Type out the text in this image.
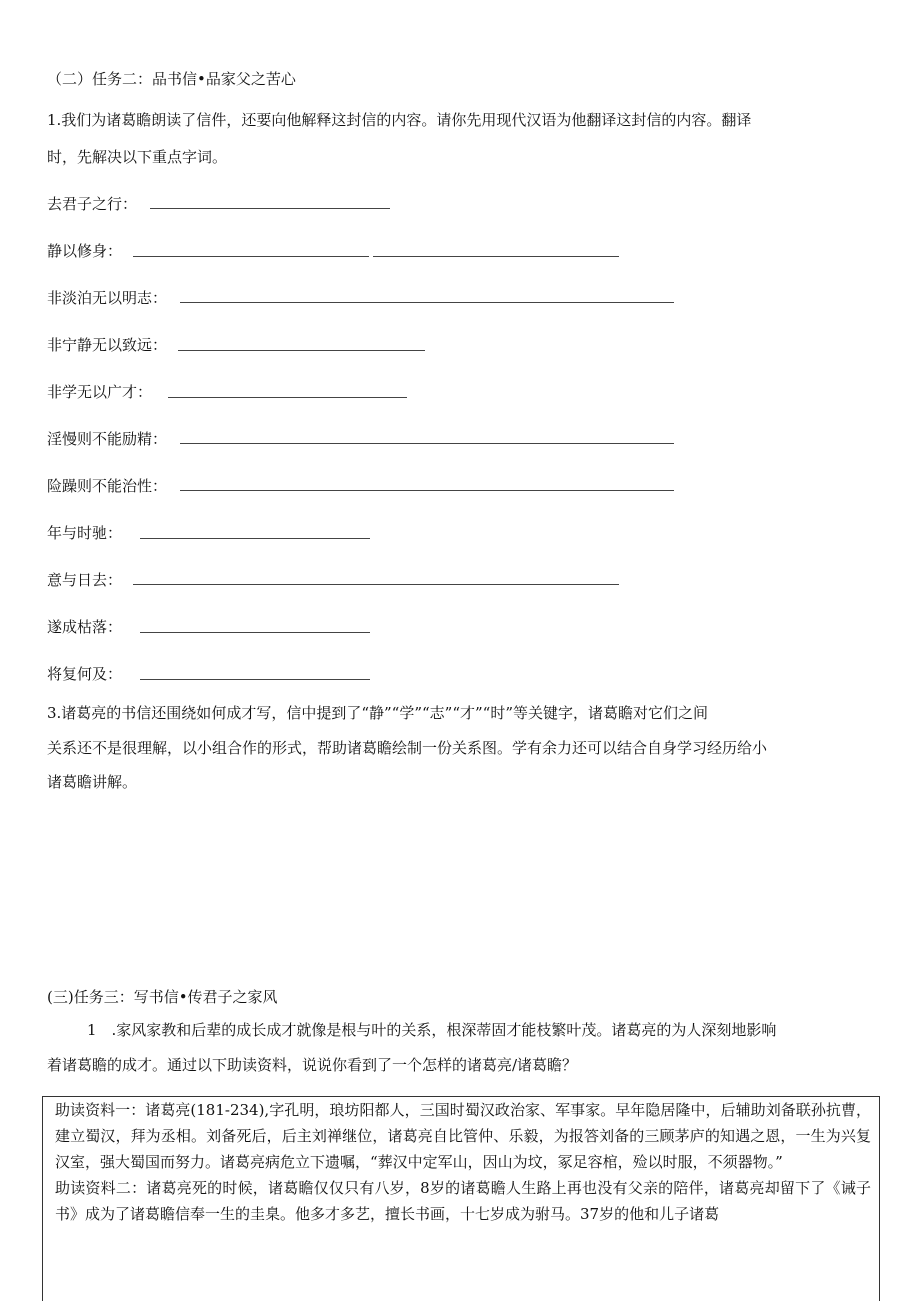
（二）任务二：品书信•品家父之苦心
1.我们为诸葛瞻朗读了信件，还要向他解释这封信的内容。请你先用现代汉语为他翻译这封信的内容。翻译
时，先解决以下重点字词。
去君子之行：
静以修身：
非淡泊无以明志：
非宁静无以致远：
非学无以广才：
淫慢则不能励精：
险躁则不能治性：
年与时驰：
意与日去：
遂成枯落：
将复何及：
3.诸葛亮的书信还围绕如何成才写，信中提到了“静”“学”“志”“才”“时”等关键字，诸葛瞻对它们之间
关系还不是很理解，以小组合作的形式，帮助诸葛瞻绘制一份关系图。学有余力还可以结合自身学习经历给小
诸葛瞻讲解。
(三)任务三：写书信•传君子之家风
1　.家风家教和后辈的成长成才就像是根与叶的关系，根深蒂固才能枝繁叶茂。诸葛亮的为人深刻地影响
着诸葛瞻的成才。通过以下助读资料，说说你看到了一个怎样的诸葛亮/诸葛瞻？

助读资料一：诸葛亮(181-234),字孔明，琅坊阳都人，三国时蜀汉政治家、军事家。早年隐居隆中，后辅助刘备联孙抗曹，建立蜀汉，拜为丞相。刘备死后，后主刘禅继位，诸葛亮自比管仲、乐毅，为报答刘备的三顾茅庐的知遇之恩，一生为兴复汉室，强大蜀国而努力。诸葛亮病危立下遗嘱，“葬汉中定军山，因山为坟，冢足容棺，殓以时服，不须器物。”

助读资料二：诸葛亮死的时候，诸葛瞻仅仅只有八岁，8岁的诸葛瞻人生路上再也没有父亲的陪伴，诸葛亮却留下了《诫子书》成为了诸葛瞻信奉一生的圭臬。他多才多艺，擅长书画，十七岁成为驸马。37岁的他和儿子诸葛
